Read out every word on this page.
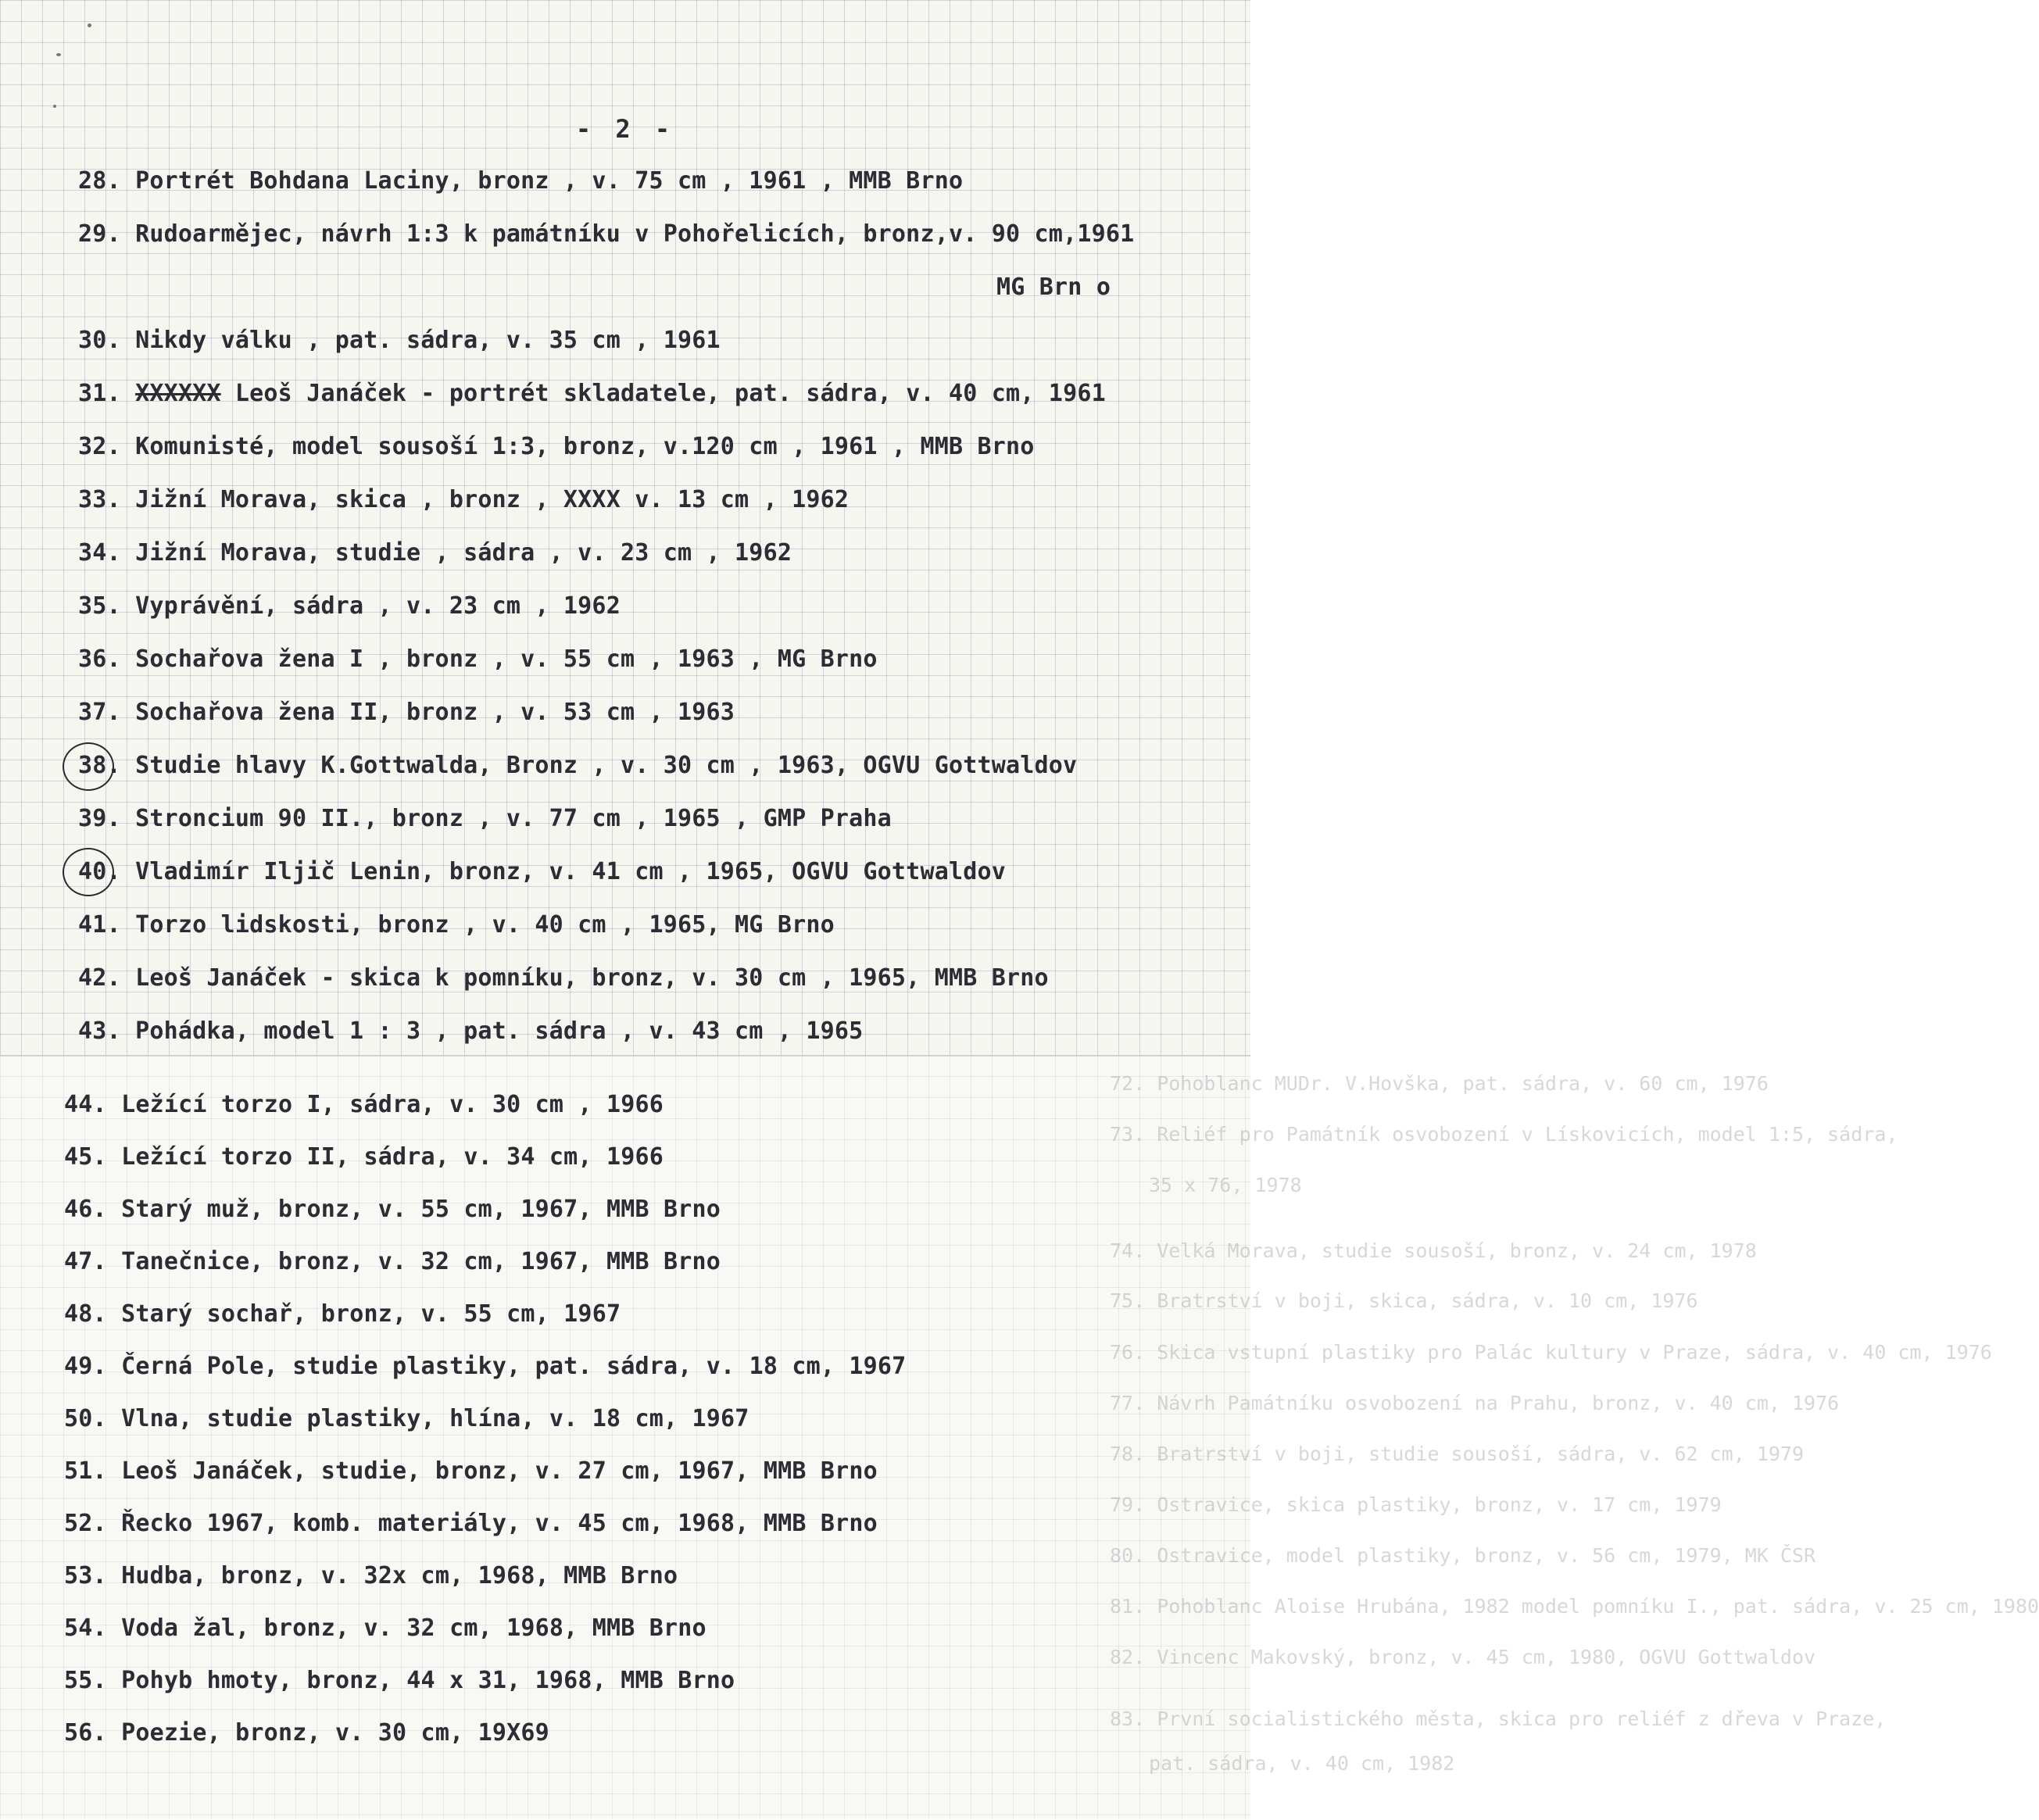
72. Pohoblanc MUDr. V.Hovška, pat. sádra, v. 60 cm, 1976
73. Reliéf pro Památník osvobození v Lískovicích, model 1:5, sádra,
35 x 76, 1978
74. Velká Morava, studie sousoší, bronz, v. 24 cm, 1978
75. Bratrství v boji, skica, sádra, v. 10 cm, 1976
76. Skica vstupní plastiky pro Palác kultury v Praze, sádra, v. 40 cm, 1976
77. Návrh Památníku osvobození na Prahu, bronz, v. 40 cm, 1976
78. Bratrství v boji, studie sousoší, sádra, v. 62 cm, 1979
79. Ostravice, skica plastiky, bronz, v. 17 cm, 1979
80. Ostravice, model plastiky, bronz, v. 56 cm, 1979, MK ČSR
81. Pohoblanc Aloise Hrubána, 1982 model pomníku I., pat. sádra, v. 25 cm, 1980
82. Vincenc Makovský, bronz, v. 45 cm, 1980, OGVU Gottwaldov
83. První socialistického města, skica pro reliéf z dřeva v Praze,
pat. sádra, v. 40 cm, 1982
- 2 -
28. Portrét Bohdana Laciny, bronz , v. 75 cm , 1961 , MMB Brno
29. Rudoarmějec, návrh 1:3 k památníku v Pohořelicích, bronz,v. 90 cm,1961
MG Brn o
30. Nikdy válku , pat. sádra, v. 35 cm , 1961
31. XXXXXX Leoš Janáček - portrét skladatele, pat. sádra, v. 40 cm, 1961
32. Komunisté, model sousoší 1:3, bronz, v.120 cm , 1961 , MMB Brno
33. Jižní Morava, skica , bronz , XXXX v. 13 cm , 1962
34. Jižní Morava, studie , sádra , v. 23 cm , 1962
35. Vyprávění, sádra , v. 23 cm , 1962
36. Sochařova žena I , bronz , v. 55 cm , 1963 , MG Brno
37. Sochařova žena II, bronz , v. 53 cm , 1963
38. Studie hlavy K.Gottwalda, Bronz , v. 30 cm , 1963, OGVU Gottwaldov
39. Stroncium 90 II., bronz , v. 77 cm , 1965 , GMP Praha
40. Vladimír Iljič Lenin, bronz, v. 41 cm , 1965, OGVU Gottwaldov
41. Torzo lidskosti, bronz , v. 40 cm , 1965, MG Brno
42. Leoš Janáček - skica k pomníku, bronz, v. 30 cm , 1965, MMB Brno
43. Pohádka, model 1 : 3 , pat. sádra , v. 43 cm , 1965
44. Ležící torzo I, sádra, v. 30 cm , 1966
45. Ležící torzo II, sádra, v. 34 cm, 1966
46. Starý muž, bronz, v. 55 cm, 1967, MMB Brno
47. Tanečnice, bronz, v. 32 cm, 1967, MMB Brno
48. Starý sochař, bronz, v. 55 cm, 1967
49. Černá Pole, studie plastiky, pat. sádra, v. 18 cm, 1967
50. Vlna, studie plastiky, hlína, v. 18 cm, 1967
51. Leoš Janáček, studie, bronz, v. 27 cm, 1967, MMB Brno
52. Řecko 1967, komb. materiály, v. 45 cm, 1968, MMB Brno
53. Hudba, bronz, v. 32x cm, 1968, MMB Brno
54. Voda žal, bronz, v. 32 cm, 1968, MMB Brno
55. Pohyb hmoty, bronz, 44 x 31, 1968, MMB Brno
56. Poezie, bronz, v. 30 cm, 19X69
